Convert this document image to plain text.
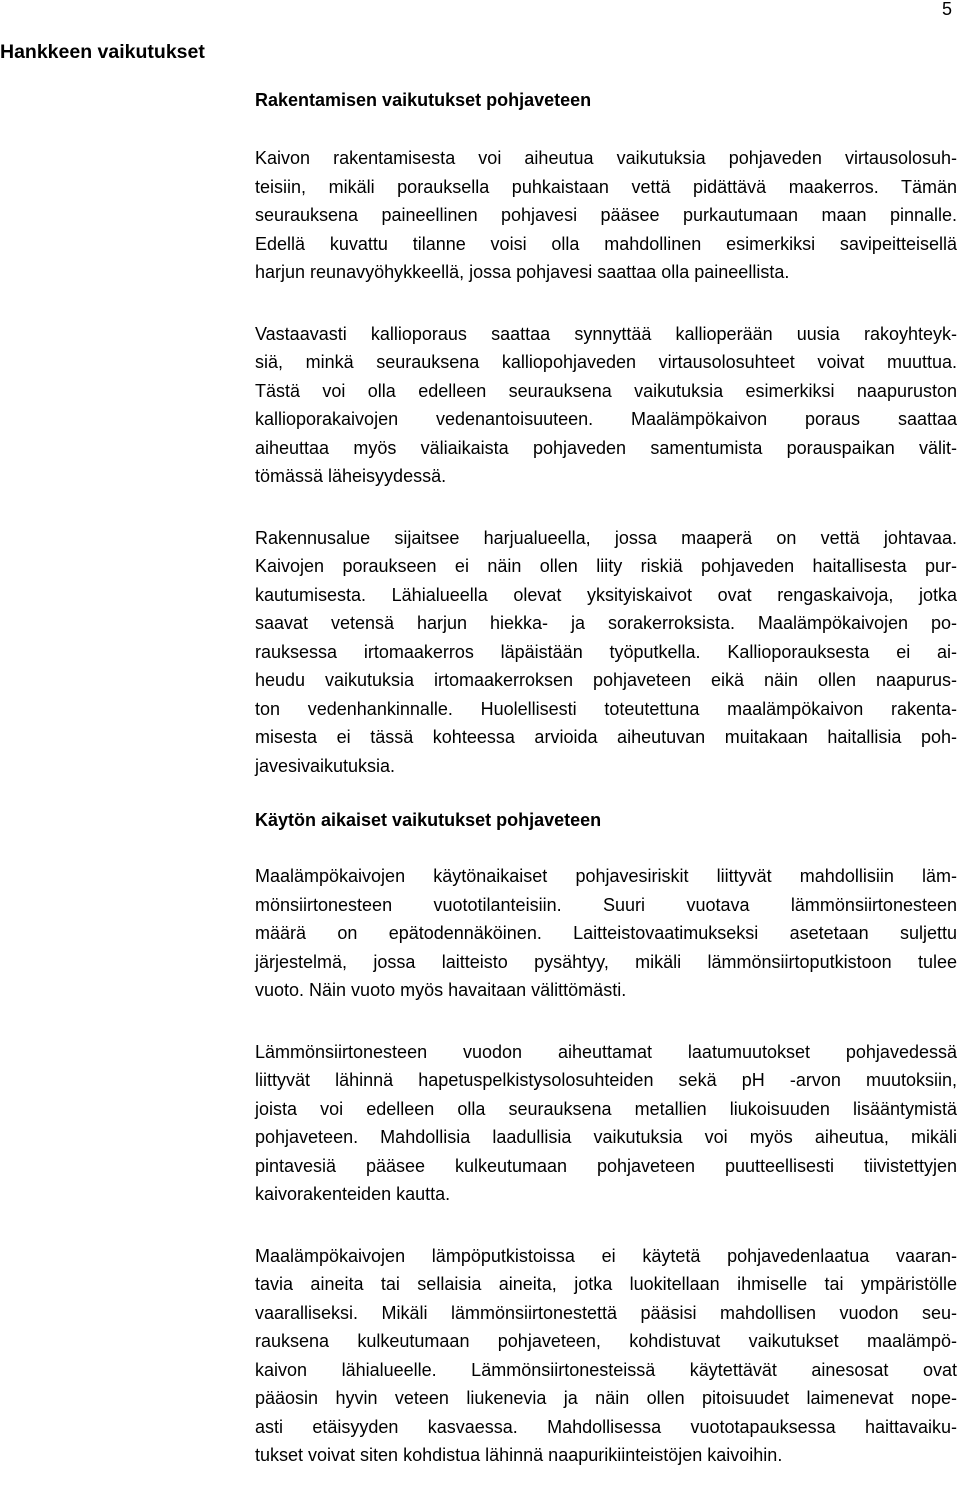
5
Hankkeen vaikutukset
Rakentamisen vaikutukset pohjaveteen

Kaivon rakentamisesta voi aiheutua vaikutuksia pohjaveden virtausolosuh-
teisiin, mikäli porauksella puhkaistaan vettä pidättävä maakerros. Tämän
seurauksena paineellinen pohjavesi pääsee purkautumaan maan pinnalle.
Edellä kuvattu tilanne voisi olla mahdollinen esimerkiksi savipeitteisellä
harjun reunavyöhykkeellä, jossa pohjavesi saattaa olla paineellista.

Vastaavasti kallioporaus saattaa synnyttää kallioperään uusia rakoyhteyk-
siä, minkä seurauksena kalliopohjaveden virtausolosuhteet voivat muuttua.
Tästä voi olla edelleen seurauksena vaikutuksia esimerkiksi naapuruston
kallioporakaivojen vedenantoisuuteen. Maalämpökaivon poraus saattaa
aiheuttaa myös väliaikaista pohjaveden samentumista porauspaikan välit-
tömässä läheisyydessä.

Rakennusalue sijaitsee harjualueella, jossa maaperä on vettä johtavaa.
Kaivojen poraukseen ei näin ollen liity riskiä pohjaveden haitallisesta pur-
kautumisesta. Lähialueella olevat yksityiskaivot ovat rengaskaivoja, jotka
saavat vetensä harjun hiekka- ja sorakerroksista. Maalämpökaivojen po-
rauksessa irtomaakerros läpäistään työputkella. Kallioporauksesta ei ai-
heudu vaikutuksia irtomaakerroksen pohjaveteen eikä näin ollen naapurus-
ton vedenhankinnalle. Huolellisesti toteutettuna maalämpökaivon rakenta-
misesta ei tässä kohteessa arvioida aiheutuvan muitakaan haitallisia poh-
javesivaikutuksia.

Käytön aikaiset vaikutukset pohjaveteen

Maalämpökaivojen käytönaikaiset pohjavesiriskit liittyvät mahdollisiin läm-
mönsiirtonesteen vuototilanteisiin. Suuri vuotava lämmönsiirtonesteen
määrä on epätodennäköinen. Laitteistovaatimukseksi asetetaan suljettu
järjestelmä, jossa laitteisto pysähtyy, mikäli lämmönsiirtoputkistoon tulee
vuoto. Näin vuoto myös havaitaan välittömästi.

Lämmönsiirtonesteen vuodon aiheuttamat laatumuutokset pohjavedessä
liittyvät lähinnä hapetuspelkistysolosuhteiden sekä pH -arvon muutoksiin,
joista voi edelleen olla seurauksena metallien liukoisuuden lisääntymistä
pohjaveteen. Mahdollisia laadullisia vaikutuksia voi myös aiheutua, mikäli
pintavesiä pääsee kulkeutumaan pohjaveteen puutteellisesti tiivistettyjen
kaivorakenteiden kautta.

Maalämpökaivojen lämpöputkistoissa ei käytetä pohjavedenlaatua vaaran-
tavia aineita tai sellaisia aineita, jotka luokitellaan ihmiselle tai ympäristölle
vaaralliseksi. Mikäli lämmönsiirtonestettä pääsisi mahdollisen vuodon seu-
rauksena kulkeutumaan pohjaveteen, kohdistuvat vaikutukset maalämpö-
kaivon lähialueelle. Lämmönsiirtonesteissä käytettävät ainesosat ovat
pääosin hyvin veteen liukenevia ja näin ollen pitoisuudet laimenevat nope-
asti etäisyyden kasvaessa. Mahdollisessa vuototapauksessa haittavaiku-
tukset voivat siten kohdistua lähinnä naapurikiinteistöjen kaivoihin.
